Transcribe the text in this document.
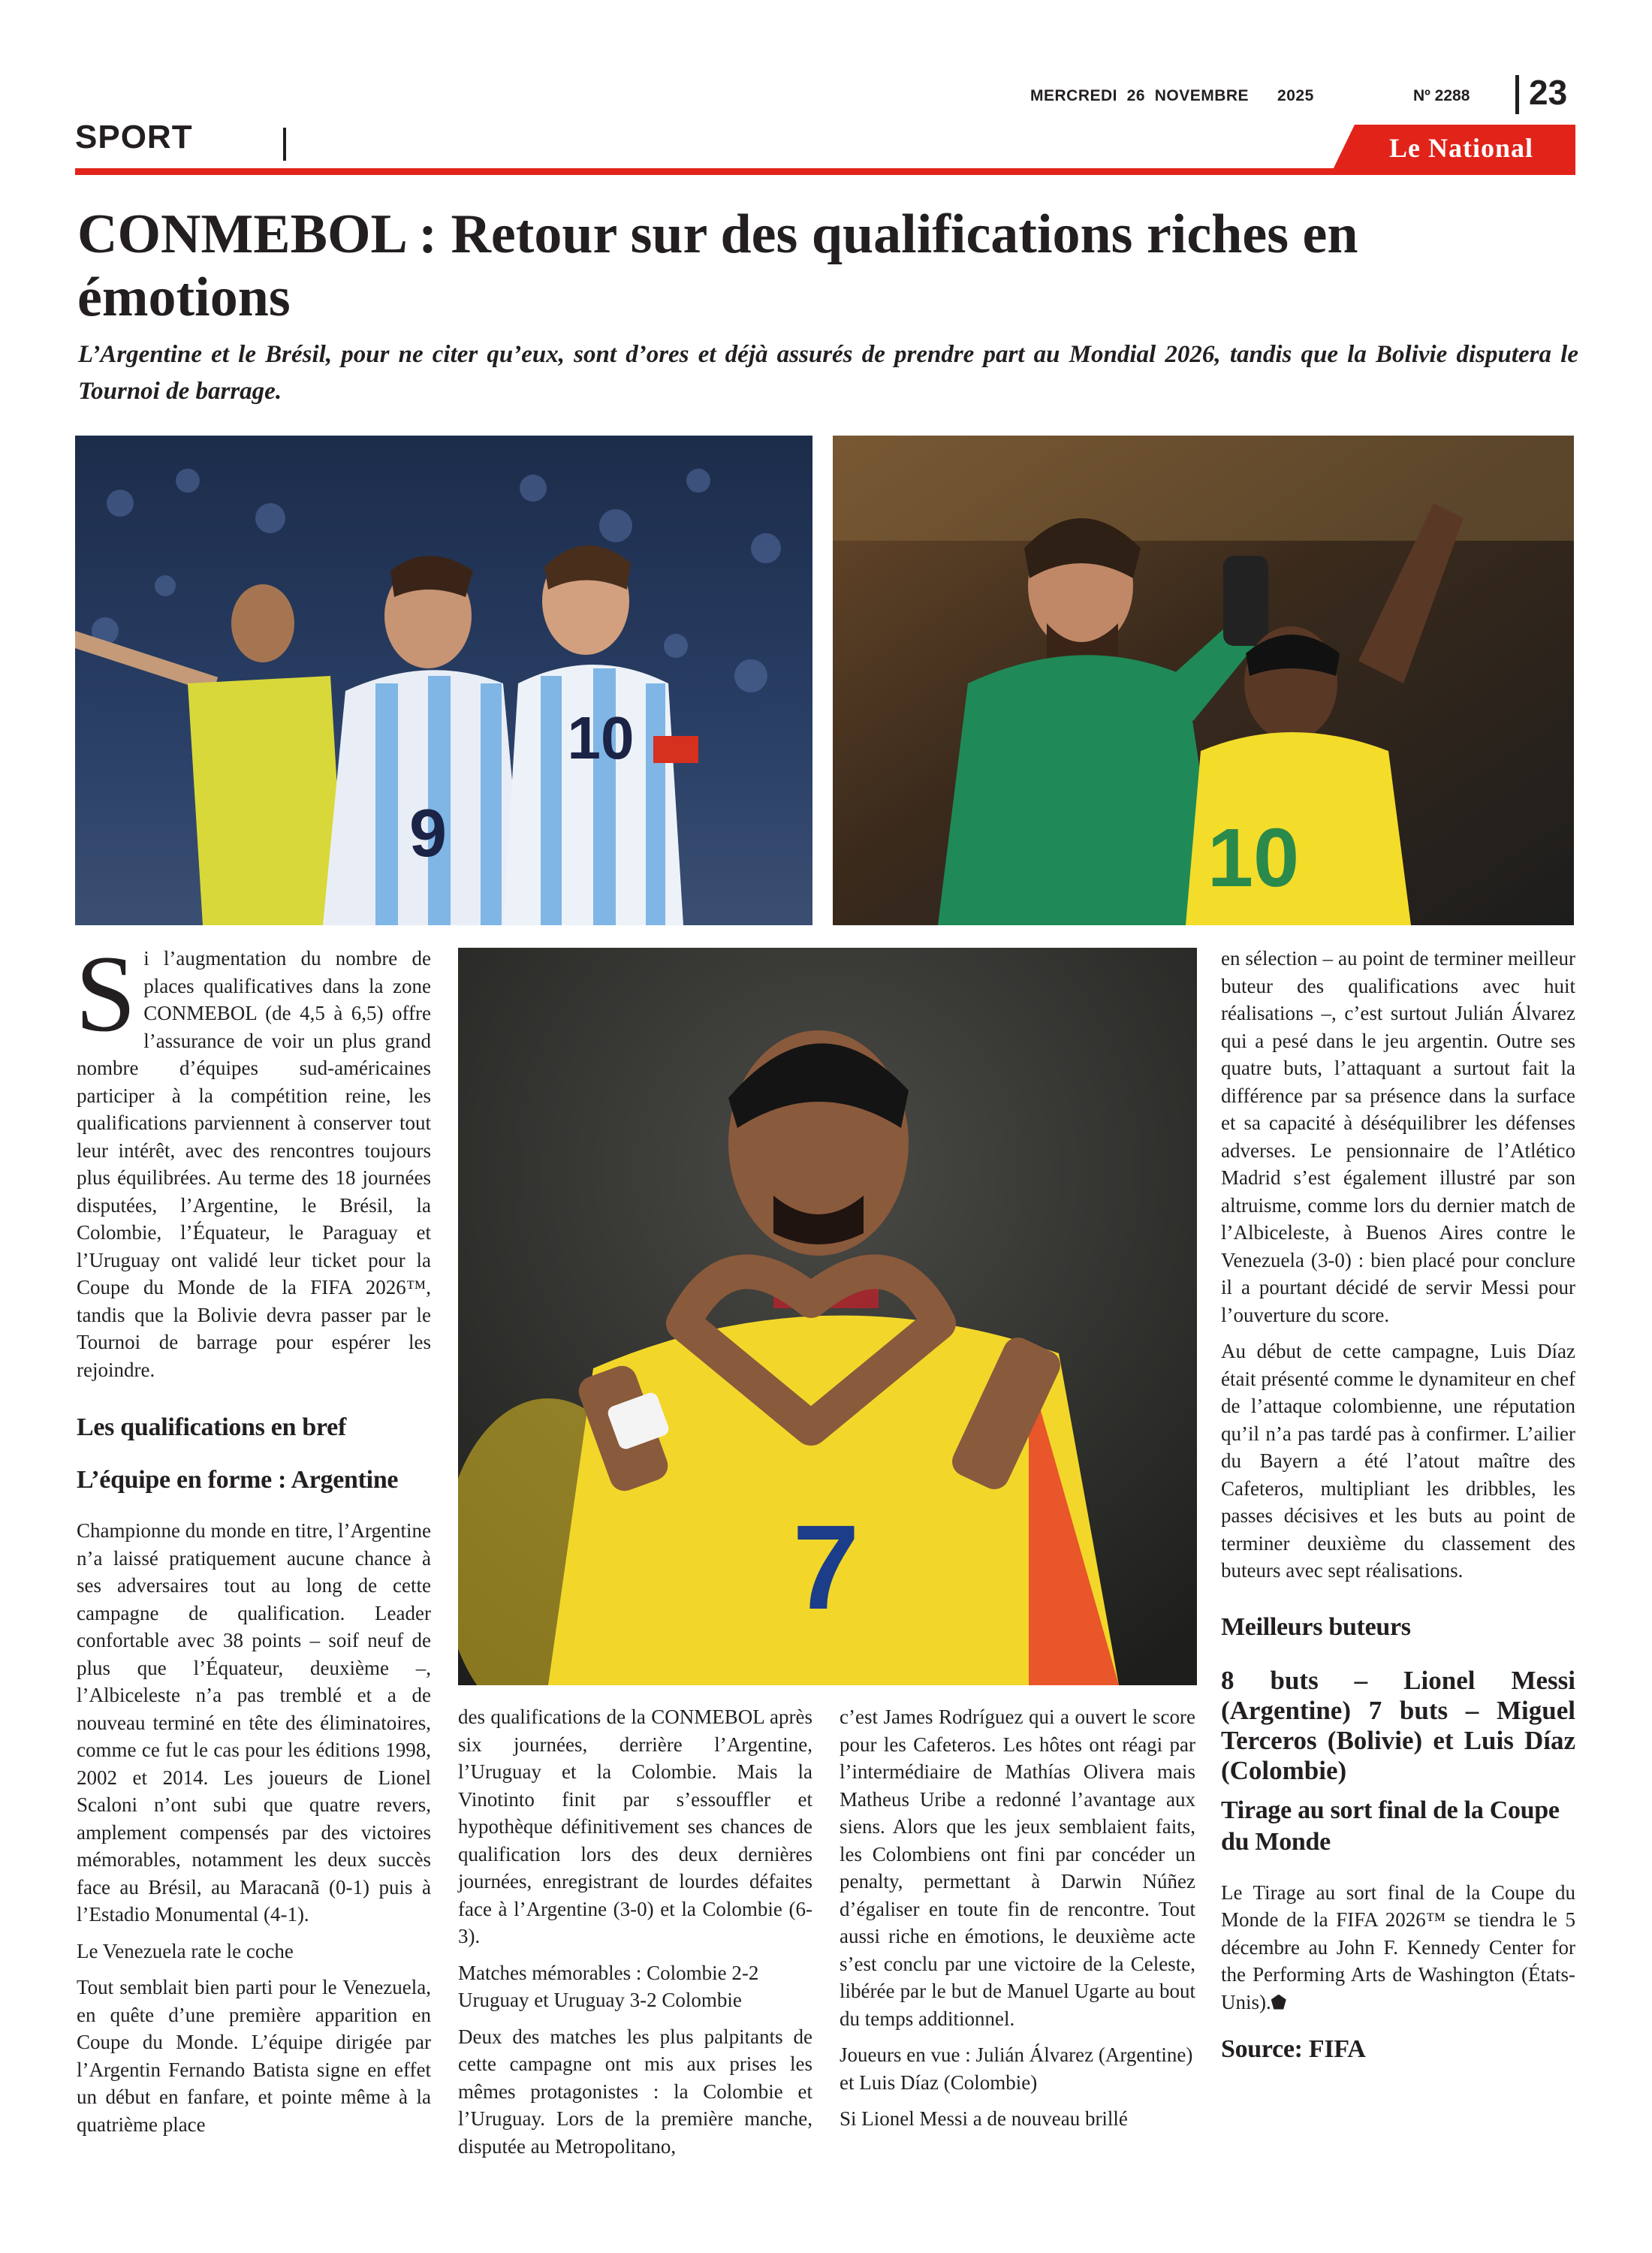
MERCREDI  26  NOVEMBRE      2025	Nº 2288 23
SPORT	Le National
CONMEBOL : Retour sur des qualifications riches en émotions

L’Argentine et le Brésil, pour ne citer qu’eux, sont d’ores et déjà assurés de prendre part au Mondial 2026, tandis que la Bolivie disputera le Tournoi de barrage.

9
10
10
7

Si l’augmentation du nombre de places qualificatives dans la zone CONMEBOL (de 4,5 à 6,5) offre l’assurance de voir un plus grand nombre d’équipes sud-américaines participer à la compétition reine, les qualifications parviennent à conserver tout leur intérêt, avec des rencontres toujours plus équilibrées. Au terme des 18 journées disputées, l’Argentine, le Brésil, la Colombie, l’Équateur, le Paraguay et l’Uruguay ont validé leur ticket pour la Coupe du Monde de la FIFA 2026™, tandis que la Bolivie devra passer par le Tournoi de barrage pour espérer les rejoindre.

Les qualifications en bref
L’équipe en forme : Argentine

Championne du monde en titre, l’Argentine n’a laissé pratiquement aucune chance à ses adversaires tout au long de cette campagne de qualification. Leader confortable avec 38 points – soif neuf de plus que l’Équateur, deuxième –, l’Albiceleste n’a pas tremblé et a de nouveau terminé en tête des éliminatoires, comme ce fut le cas pour les éditions 1998, 2002 et 2014. Les joueurs de Lionel Scaloni n’ont subi que quatre revers, amplement compensés par des victoires mémorables, notamment les deux succès face au Brésil, au Maracanã (0-1) puis à l’Estadio Monumental (4-1).

Le Venezuela rate le coche

Tout semblait bien parti pour le Venezuela, en quête d’une première apparition en Coupe du Monde. L’équipe dirigée par l’Argentin Fernando Batista signe en effet un début en fanfare, et pointe même à la quatrième place

en sélection – au point de terminer meilleur buteur des qualifications avec huit réalisations –, c’est surtout Julián Álvarez qui a pesé dans le jeu argentin. Outre ses quatre buts, l’attaquant a surtout fait la différence par sa présence dans la surface et sa capacité à déséquilibrer les défenses adverses. Le pensionnaire de l’Atlético Madrid s’est également illustré par son altruisme, comme lors du dernier match de l’Albiceleste, à Buenos Aires contre le Venezuela (3-0) : bien placé pour conclure il a pourtant décidé de servir Messi pour l’ouverture du score.

Au début de cette campagne, Luis Díaz était présenté comme le dynamiteur en chef de l’attaque colombienne, une réputation qu’il n’a pas tardé pas à confirmer. L’ailier du Bayern a été l’atout maître des Cafeteros, multipliant les dribbles, les passes décisives et les buts au point de terminer deuxième du classement des buteurs avec sept réalisations.

Meilleurs buteurs

8 buts – Lionel Messi (Argentine) 7 buts – Miguel Terceros (Bolivie) et Luis Díaz (Colombie)

Tirage au sort final de la Coupe du Monde

Le Tirage au sort final de la Coupe du Monde de la FIFA 2026™ se tiendra le 5 décembre au John F. Kennedy Center for the Performing Arts de Washington (États-Unis).

Source: FIFA

des qualifications de la CONMEBOL après six journées, derrière l’Argentine, l’Uruguay et la Colombie. Mais la Vinotinto finit par s’essouffler et hypothèque définitivement ses chances de qualification lors des deux dernières journées, enregistrant de lourdes défaites face à l’Argentine (3-0) et la Colombie (6-3).

Matches mémorables : Colombie 2-2 Uruguay et Uruguay 3-2 Colombie

Deux des matches les plus palpitants de cette campagne ont mis aux prises les mêmes protagonistes : la Colombie et l’Uruguay. Lors de la première manche, disputée au Metropolitano,

c’est James Rodríguez qui a ouvert le score pour les Cafeteros. Les hôtes ont réagi par l’intermédiaire de Mathías Olivera mais Matheus Uribe a redonné l’avantage aux siens. Alors que les jeux semblaient faits, les Colombiens ont fini par concéder un penalty, permettant à Darwin Núñez d’égaliser en toute fin de rencontre. Tout aussi riche en émotions, le deuxième acte s’est conclu par une victoire de la Celeste, libérée par le but de Manuel Ugarte au bout du temps additionnel.

Joueurs en vue : Julián Álvarez (Argentine) et Luis Díaz (Colombie)

Si Lionel Messi a de nouveau brillé
